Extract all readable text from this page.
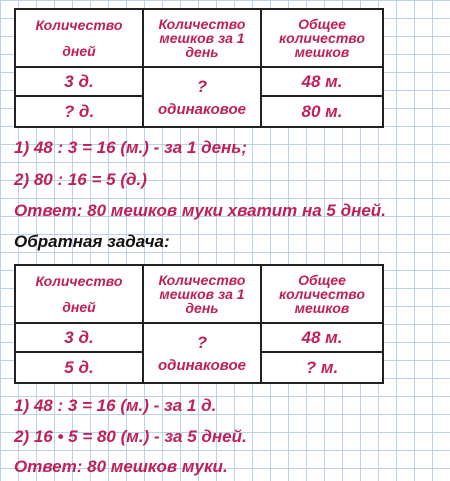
Количество
дней
Количество мешков за 1 день
Общее количество мешков
3 д.
? д.
?
одинаковое
48 м.
80 м.

1) 48 : 3 = 16 (м.) - за 1 день;

2) 80 : 16 = 5 (д.)

Ответ: 80 мешков муки хватит на 5 дней.

Обратная задача:

Количество
дней
Количество мешков за 1 день
Общее количество мешков
3 д.
5 д.
?
одинаковое
48 м.
? м.

1) 48 : 3 = 16 (м.) - за 1 д.

2) 16 • 5 = 80 (м.) - за 5 дней.

Ответ: 80 мешков муки.
